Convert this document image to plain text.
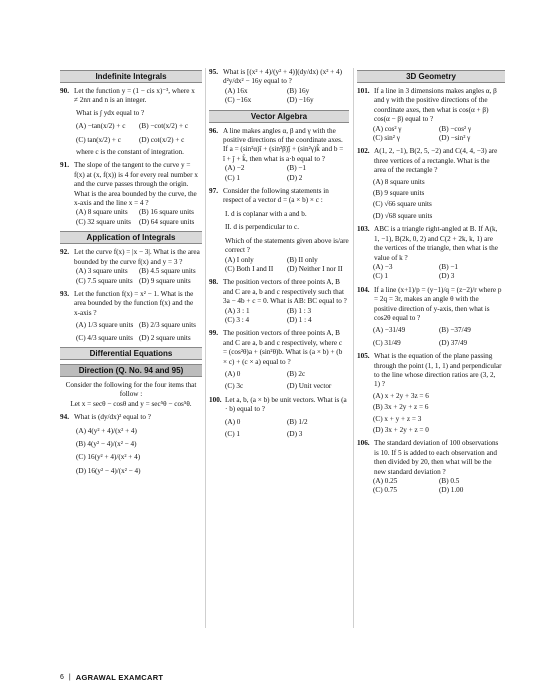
Indefinite Integrals
90. Let the function y = (1 − cis x)⁻³, where x ≠ 2nπ and n is an integer.
What is ∫ ydx equal to ?
(A) −tan(x/2) + c	(B) −cot(x/2) + c
(C) tan(x/2) + c	(D) cot(x/2) + c
where c is the constant of integration.
91. The slope of the tangent to the curve y = f(x) at (x, f(x)) is 4 for every real number x and the curve passes through the origin. What is the area bounded by the curve, the x-axis and the line x = 4 ?
(A) 8 square units	(B) 16 square units
(C) 32 square units	(D) 64 square units
Application of Integrals
92. Let the curve f(x) = |x − 3|. What is the area bounded by the curve f(x) and y = 3 ?
(A) 3 square units	(B) 4.5 square units
(C) 7.5 square units (D) 9 square units
93. Let the function f(x) = x² − 1. What is the area bounded by the function f(x) and the x-axis ?
(A) 1/3 square units (B) 2/3 square units
(C) 4/3 square units (D) 2 square units
Differential Equations
Direction (Q. No. 94 and 95)
Consider the following for the four items that follow :
Let x = secθ − cosθ and y = sec⁵θ − cos⁵θ.
94. What is (dy/dx)² equal to ?
(A) 4(y² + 4)/(x² + 4)
(B) 4(y² − 4)/(x² − 4)
(C) 16(y² + 4)/(x² + 4)
(D) 16(y² − 4)/(x² − 4)
95. What is [(x² + 4)/(y² + 4)](dy/dx) (x² + 4) d²y/dx² − 16y equal to ?
(A) 16x	(B) 16y
(C) −16x	(D) −16y
Vector Algebra
96. A line makes angles α, β and γ with the positive directions of the coordinate axes. If a = (sin²α)î + (sin²β)ĵ + (sin²γ)k̂ and b = î + ĵ + k̂, then what is a·b equal to ?
(A) −2	(B) −1
(C) 1	(D) 2
97. Consider the following statements in respect of a vector d = (a × b) × c :
I. d is coplanar with a and b.
II. d is perpendicular to c.
Which of the statements given above is/are correct ?
(A) I only	(B) II only
(C) Both I and II	(D) Neither I nor II
98. The position vectors of three points A, B and C are a, b and c respectively such that 3a − 4b + c = 0. What is AB: BC equal to ?
(A) 3 : 1	(B) 1 : 3
(C) 3 : 4	(D) 1 : 4
99. The position vectors of three points A, B and C are a, b and c respectively, where c = (cos²θ)a + (sin²θ)b. What is (a × b) + (b × c) + (c × a) equal to ?
(A) 0	(B) 2c
(C) 3c	(D) Unit vector
100. Let a, b, (a × b) be unit vectors. What is (a · b) equal to ?
(A) 0	(B) 1/2
(C) 1	(D) 3
3D Geometry
101. If a line in 3 dimensions makes angles α, β and γ with the positive directions of the coordinate axes, then what is cos(α + β) cos(α − β) equal to ?
(A) cos² γ	(B) −cos² γ
(C) sin² γ	(D) −sin² γ
102. A(1, 2, −1), B(2, 5, −2) and C(4, 4, −3) are three vertices of a rectangle. What is the area of the rectangle ?
(A) 8 square units
(B) 9 square units
(C) √66 square units
(D) √68 square units
103. ABC is a triangle right-angled at B. If A(k, 1, −1), B(2k, 0, 2) and C(2 + 2k, k, 1) are the vertices of the triangle, then what is the value of k ?
(A) −3	(B) −1
(C) 1	(D) 3
104. If a line (x+1)/p = (y−1)/q = (z−2)/r where p = 2q = 3r, makes an angle θ with the positive direction of y-axis, then what is cos2θ equal to ?
(A) −31/49	(B) −37/49
(C) 31/49	(D) 37/49
105. What is the equation of the plane passing through the point (1, 1, 1) and perpendicular to the line whose direction ratios are (3, 2, 1) ?
(A) x + 2y + 3z = 6
(B) 3x + 2y + z = 6
(C) x + y + z = 3
(D) 3x + 2y + z = 0
106. The standard deviation of 100 observations is 10. If 5 is added to each observation and then divided by 20, then what will be the new standard deviation ?
(A) 0.25	(B) 0.5
(C) 0.75	(D) 1.00
6 | AGRAWAL EXAMCART
